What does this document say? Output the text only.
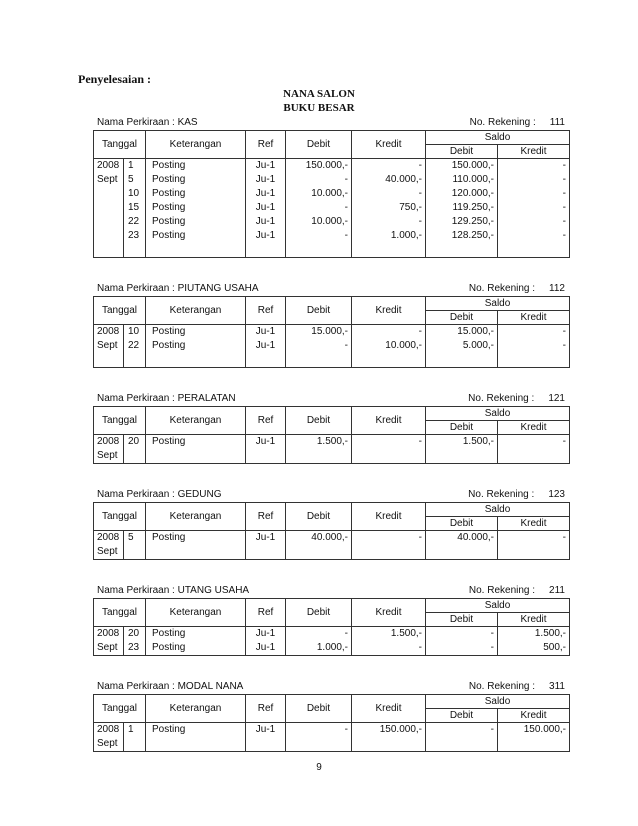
Penyelesaian :
NANA SALON
BUKU BESAR
Nama Perkiraan : KAS	No. Rekening : 111
Tanggal		Keterangan	Ref	Debit	Kredit	Saldo	
						Debit	Kredit
2008	1	Posting	Ju-1	150.000,-	-	150.000,-	-
Sept	5	Posting	Ju-1	-	40.000,-	110.000,-	-
	10	Posting	Ju-1	10.000,-	-	120.000,-	-
	15	Posting	Ju-1	-	750,-	119.250,-	-
	22	Posting	Ju-1	10.000,-	-	129.250,-	-
	23	Posting	Ju-1	-	1.000,-	128.250,-	-

Nama Perkiraan : PIUTANG USAHA	No. Rekening : 112
Tanggal		Keterangan	Ref	Debit	Kredit	Saldo	
						Debit	Kredit
2008	10	Posting	Ju-1	15.000,-	-	15.000,-	-
Sept	22	Posting	Ju-1	-	10.000,-	5.000,-	-

Nama Perkiraan : PERALATAN	No. Rekening : 121
Tanggal		Keterangan	Ref	Debit	Kredit	Saldo	
						Debit	Kredit
2008	20	Posting	Ju-1	1.500,-	-	1.500,-	-
Sept							
Nama Perkiraan : GEDUNG	No. Rekening : 123
Tanggal		Keterangan	Ref	Debit	Kredit	Saldo	
						Debit	Kredit
2008	5	Posting	Ju-1	40.000,-	-	40.000,-	-
Sept							
Nama Perkiraan : UTANG USAHA	No. Rekening : 211
Tanggal		Keterangan	Ref	Debit	Kredit	Saldo	
						Debit	Kredit
2008	20	Posting	Ju-1	-	1.500,-	-	1.500,-
Sept	23	Posting	Ju-1	1.000,-	-	-	500,-
Nama Perkiraan : MODAL NANA	No. Rekening : 311
Tanggal		Keterangan	Ref	Debit	Kredit	Saldo	
						Debit	Kredit
2008	1	Posting	Ju-1	-	150.000,-	-	150.000,-
Sept							
9
